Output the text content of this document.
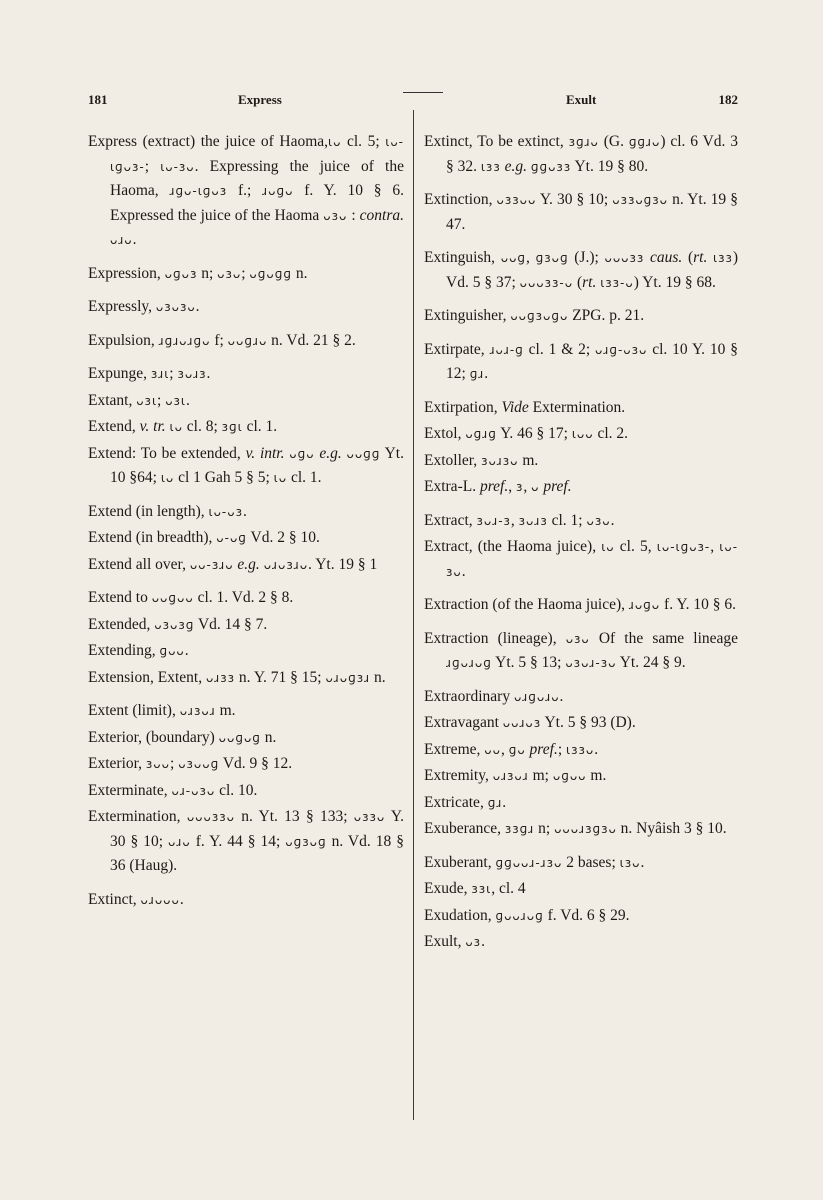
181	Express	Exult	182

Express (extract) the juice of Haoma,ɩᴗ cl. 5; ɩᴗ-ɩɡᴗɜ-; ɩᴗ-ɜᴗ. Expressing the juice of the Haoma, ɹɡᴗ-ɩɡᴗɜ f.; ɹᴗɡᴗ f. Y. 10 § 6. Expressed the juice of the Haoma ᴗɜᴗ : contra. ᴗɹᴗ.

Expression, ᴗɡᴗɜ n; ᴗɜᴗ; ᴗɡᴗɡɡ n.

Expressly, ᴗɜᴗɜᴗ.

Expulsion, ɹɡɹᴗɹɡᴗ f; ᴗᴗɡɹᴗ n. Vd. 21 § 2.

Expunge, ɜɹɩ; ɜᴗɹɜ.

Extant, ᴗɜɩ; ᴗɜɩ.

Extend, v. tr. ɩᴗ cl. 8; ɜɡɩ cl. 1.

Extend: To be extended, v. intr. ᴗɡᴗ e.g. ᴗᴗɡɡ Yt. 10 §64; ɩᴗ cl 1 Gah 5 § 5; ɩᴗ cl. 1.

Extend (in length), ɩᴗ-ᴗɜ.

Extend (in breadth), ᴗ-ᴗɡ Vd. 2 § 10.

Extend all over, ᴗᴗ-ɜɹᴗ e.g. ᴗɹᴗɜɹᴗ. Yt. 19 § 1

Extend to ᴗᴗɡᴗᴗ cl. 1. Vd. 2 § 8.

Extended, ᴗɜᴗɜɡ Vd. 14 § 7.

Extending, ɡᴗᴗ.

Extension, Extent, ᴗɹɜɜ n. Y. 71 § 15; ᴗɹᴗɡɜɹ n.

Extent (limit), ᴗɹɜᴗɹ m.

Exterior, (boundary) ᴗᴗɡᴗɡ n.

Exterior, ɜᴗᴗ; ᴗɜᴗᴗɡ Vd. 9 § 12.

Exterminate, ᴗɹ-ᴗɜᴗ cl. 10.

Extermination, ᴗᴗᴗɜɜᴗ n. Yt. 13 § 133; ᴗɜɜᴗ Y. 30 § 10; ᴗɹᴗ f. Y. 44 § 14; ᴗɡɜᴗɡ n. Vd. 18 § 36 (Haug).

Extinct, ᴗɹᴗᴗᴗ.

Extinct, To be extinct, ɜɡɹᴗ (G. ɡɡɹᴗ) cl. 6 Vd. 3 § 32. ɩɜɜ e.g. ɡɡᴗɜɜ Yt. 19 § 80.

Extinction, ᴗɜɜᴗᴗ Y. 30 § 10; ᴗɜɜᴗɡɜᴗ n. Yt. 19 § 47.

Extinguish, ᴗᴗɡ, ɡɜᴗɡ (J.); ᴗᴗᴗɜɜ caus. (rt. ɩɜɜ) Vd. 5 § 37; ᴗᴗᴗɜɜ-ᴗ (rt. ɩɜɜ-ᴗ) Yt. 19 § 68.

Extinguisher, ᴗᴗɡɜᴗɡᴗ ZPG. p. 21.

Extirpate, ɹᴗɹ-ɡ cl. 1 & 2; ᴗɹɡ-ᴗɜᴗ cl. 10 Y. 10 § 12; ɡɹ.

Extirpation, Vide Extermination.

Extol, ᴗɡɹɡ Y. 46 § 17; ɩᴗᴗ cl. 2.

Extoller, ɜᴗɹɜᴗ m.

Extra-L. pref., ɜ, ᴗ pref.

Extract, ɜᴗɹ-ɜ, ɜᴗɹɜ cl. 1; ᴗɜᴗ.

Extract, (the Haoma juice), ɩᴗ cl. 5, ɩᴗ-ɩɡᴗɜ-, ɩᴗ-ɜᴗ.

Extraction (of the Haoma juice), ɹᴗɡᴗ f. Y. 10 § 6.

Extraction (lineage), ᴗɜᴗ Of the same lineage ɹɡᴗɹᴗɡ Yt. 5 § 13; ᴗɜᴗɹ-ɜᴗ Yt. 24 § 9.

Extraordinary ᴗɹɡᴗɹᴗ.

Extravagant ᴗᴗɹᴗɜ Yt. 5 § 93 (D).

Extreme, ᴗᴗ, ɡᴗ pref.; ɩɜɜᴗ.

Extremity, ᴗɹɜᴗɹ m; ᴗɡᴗᴗ m.

Extricate, ɡɹ.

Exuberance, ɜɜɡɹ n; ᴗᴗᴗɹɜɡɜᴗ n. Nyâish 3 § 10.

Exuberant, ɡɡᴗᴗɹ-ɹɜᴗ 2 bases; ɩɜᴗ.

Exude, ɜɜɩ, cl. 4

Exudation, ɡᴗᴗɹᴗɡ f. Vd. 6 § 29.

Exult, ᴗɜ.
